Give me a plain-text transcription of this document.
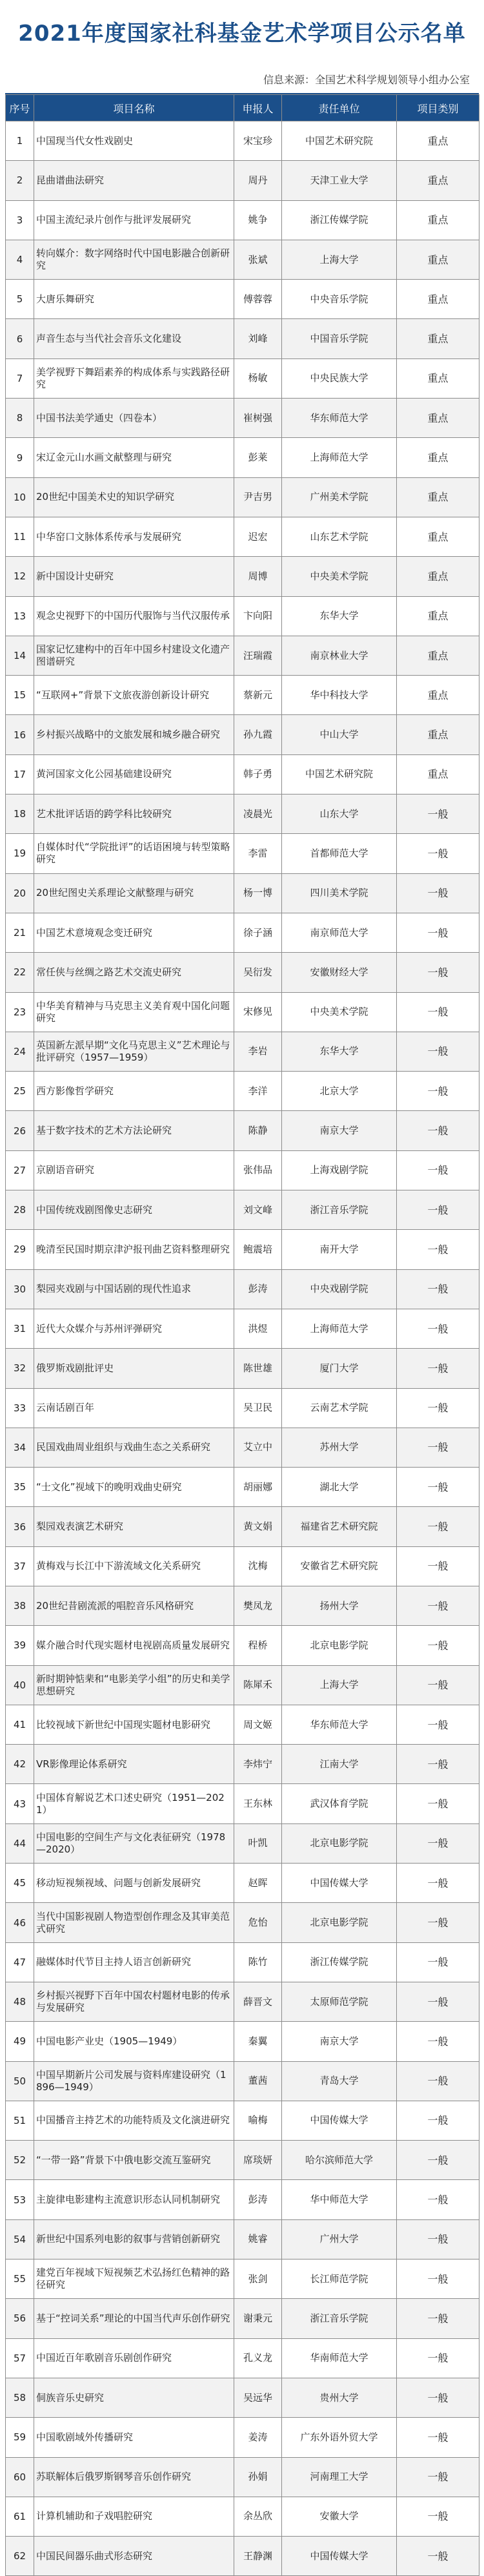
2021年度国家社科基金艺术学项目公示名单
信息来源：全国艺术科学规划领导小组办公室
序号	项目名称	申报人	责任单位	项目类别
1	中国现当代女性戏剧史	宋宝珍	中国艺术研究院	重点
2	昆曲谱曲法研究	周丹	天津工业大学	重点
3	中国主流纪录片创作与批评发展研究	姚争	浙江传媒学院	重点
4	转向媒介：数字网络时代中国电影融合创新研究	张斌	上海大学	重点
5	大唐乐舞研究	傅蓉蓉	中央音乐学院	重点
6	声音生态与当代社会音乐文化建设	刘峰	中国音乐学院	重点
7	美学视野下舞蹈素养的构成体系与实践路径研究	杨敏	中央民族大学	重点
8	中国书法美学通史（四卷本）	崔树强	华东师范大学	重点
9	宋辽金元山水画文献整理与研究	彭莱	上海师范大学	重点
10	20世纪中国美术史的知识学研究	尹吉男	广州美术学院	重点
11	中华窑口文脉体系传承与发展研究	迟宏	山东艺术学院	重点
12	新中国设计史研究	周博	中央美术学院	重点
13	观念史视野下的中国历代服饰与当代汉服传承	卞向阳	东华大学	重点
14	国家记忆建构中的百年中国乡村建设文化遗产图谱研究	汪瑞霞	南京林业大学	重点
15	“互联网+”背景下文旅夜游创新设计研究	蔡新元	华中科技大学	重点
16	乡村振兴战略中的文旅发展和城乡融合研究	孙九霞	中山大学	重点
17	黄河国家文化公园基础建设研究	韩子勇	中国艺术研究院	重点
18	艺术批评话语的跨学科比较研究	凌晨光	山东大学	一般
19	自媒体时代“学院批评”的话语困境与转型策略研究	李雷	首都师范大学	一般
20	20世纪图史关系理论文献整理与研究	杨一博	四川美术学院	一般
21	中国艺术意境观念变迁研究	徐子涵	南京师范大学	一般
22	常任侠与丝绸之路艺术交流史研究	吴衍发	安徽财经大学	一般
23	中华美育精神与马克思主义美育观中国化问题研究	宋修见	中央美术学院	一般
24	英国新左派早期“文化马克思主义”艺术理论与批评研究（1957—1959）	李岩	东华大学	一般
25	西方影像哲学研究	李洋	北京大学	一般
26	基于数字技术的艺术方法论研究	陈静	南京大学	一般
27	京剧语音研究	张伟品	上海戏剧学院	一般
28	中国传统戏剧图像史志研究	刘文峰	浙江音乐学院	一般
29	晚清至民国时期京津沪报刊曲艺资料整理研究	鲍震培	南开大学	一般
30	梨园夹戏剧与中国话剧的现代性追求	彭涛	中央戏剧学院	一般
31	近代大众媒介与苏州评弹研究	洪煜	上海师范大学	一般
32	俄罗斯戏剧批评史	陈世雄	厦门大学	一般
33	云南话剧百年	吴卫民	云南艺术学院	一般
34	民国戏曲周业组织与戏曲生态之关系研究	艾立中	苏州大学	一般
35	“士文化”视域下的晚明戏曲史研究	胡丽娜	湖北大学	一般
36	梨园戏表演艺术研究	黄文娟	福建省艺术研究院	一般
37	黄梅戏与长江中下游流域文化关系研究	沈梅	安徽省艺术研究院	一般
38	20世纪昔剧流派的唱腔音乐风格研究	樊凤龙	扬州大学	一般
39	媒介融合时代现实题材电视剧高质量发展研究	程桥	北京电影学院	一般
40	新时期钟惦棐和“电影美学小组”的历史和美学思想研究	陈犀禾	上海大学	一般
41	比较视域下新世纪中国现实题材电影研究	周文姬	华东师范大学	一般
42	VR影像理论体系研究	李炜宁	江南大学	一般
43	中国体育解说艺术口述史研究（1951—2021）	王东林	武汉体育学院	一般
44	中国电影的空间生产与文化表征研究（1978—2020）	叶凯	北京电影学院	一般
45	移动短视频视域、问题与创新发展研究	赵晖	中国传媒大学	一般
46	当代中国影视剧人物造型创作理念及其审美范式研究	危怡	北京电影学院	一般
47	融媒体时代节目主持人语言创新研究	陈竹	浙江传媒学院	一般
48	乡村振兴视野下百年中国农村题材电影的传承与发展研究	薛晋文	太原师范学院	一般
49	中国电影产业史（1905—1949）	秦翼	南京大学	一般
50	中国早期新片公司发展与资料库建设研究（1896—1949）	董茜	青岛大学	一般
51	中国播音主持艺术的功能特质及文化演进研究	喻梅	中国传媒大学	一般
52	“一带一路”背景下中俄电影交流互鉴研究	席琰妍	哈尔滨师范大学	一般
53	主旋律电影建构主流意识形态认同机制研究	彭涛	华中师范大学	一般
54	新世纪中国系列电影的叙事与营销创新研究	姚睿	广州大学	一般
55	建党百年视域下短视频艺术弘扬红色精神的路径研究	张剑	长江师范学院	一般
56	基于“控词关系”理论的中国当代声乐创作研究	谢秉元	浙江音乐学院	一般
57	中国近百年歌剧音乐剧创作研究	孔义龙	华南师范大学	一般
58	侗族音乐史研究	吴远华	贵州大学	一般
59	中国歌剧域外传播研究	姜涛	广东外语外贸大学	一般
60	苏联解体后俄罗斯钢琴音乐创作研究	孙娟	河南理工大学	一般
61	计算机辅助和子戏唱腔研究	余丛欣	安徽大学	一般
62	中国民间器乐曲式形态研究	王静渊	中国传媒大学	一般
